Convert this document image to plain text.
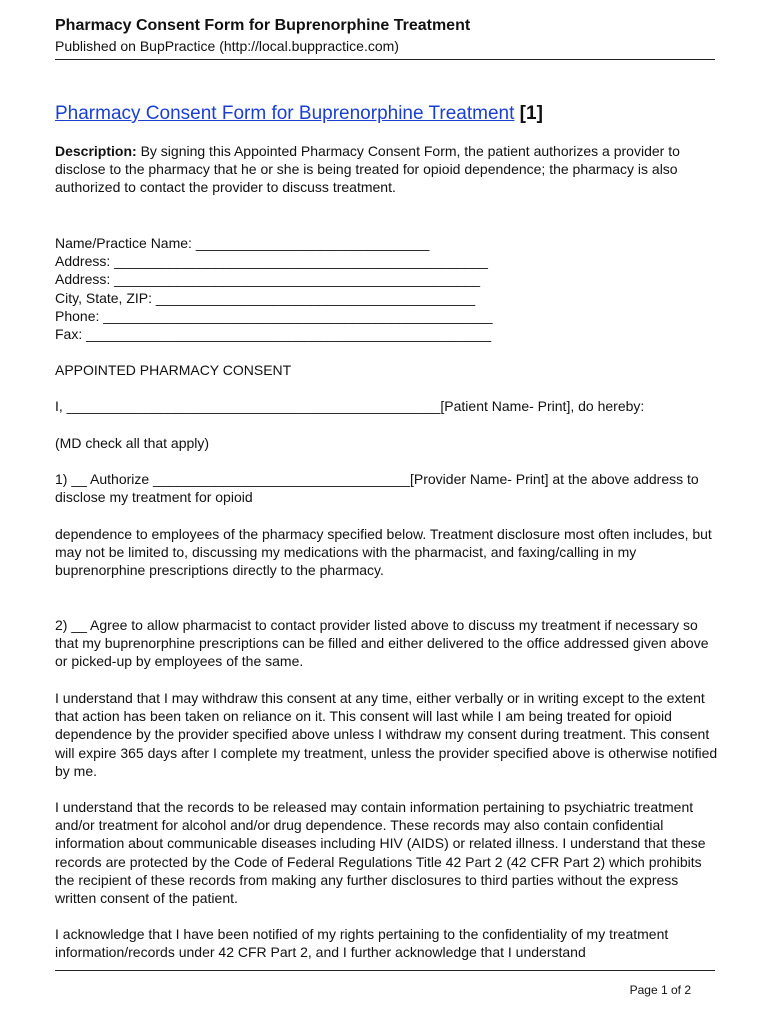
Pharmacy Consent Form for Buprenorphine Treatment
Published on BupPractice (http://local.buppractice.com)
Pharmacy Consent Form for Buprenorphine Treatment [1]
Description: By signing this Appointed Pharmacy Consent Form, the patient authorizes a provider to disclose to the pharmacy that he or she is being treated for opioid dependence; the pharmacy is also authorized to contact the provider to discuss treatment.
Name/Practice Name: ______________________________
Address: ________________________________________________
Address: _______________________________________________
City, State, ZIP: _________________________________________
Phone: __________________________________________________
Fax: ____________________________________________________
APPOINTED PHARMACY CONSENT
I, ________________________________________________[Patient Name- Print], do hereby:
(MD check all that apply)
1) __ Authorize _________________________________[Provider Name- Print] at the above address to disclose my treatment for opioid
dependence to employees of the pharmacy specified below. Treatment disclosure most often includes, but may not be limited to, discussing my medications with the pharmacist, and faxing/calling in my buprenorphine prescriptions directly to the pharmacy.
2) __ Agree to allow pharmacist to contact provider listed above to discuss my treatment if necessary so that my buprenorphine prescriptions can be filled and either delivered to the office addressed given above or picked-up by employees of the same.
I understand that I may withdraw this consent at any time, either verbally or in writing except to the extent that action has been taken on reliance on it. This consent will last while I am being treated for opioid dependence by the provider specified above unless I withdraw my consent during treatment. This consent will expire 365 days after I complete my treatment, unless the provider specified above is otherwise notified by me.
I understand that the records to be released may contain information pertaining to psychiatric treatment and/or treatment for alcohol and/or drug dependence. These records may also contain confidential information about communicable diseases including HIV (AIDS) or related illness. I understand that these records are protected by the Code of Federal Regulations Title 42 Part 2 (42 CFR Part 2) which prohibits the recipient of these records from making any further disclosures to third parties without the express written consent of the patient.
I acknowledge that I have been notified of my rights pertaining to the confidentiality of my treatment information/records under 42 CFR Part 2, and I further acknowledge that I understand
Page 1 of 2
